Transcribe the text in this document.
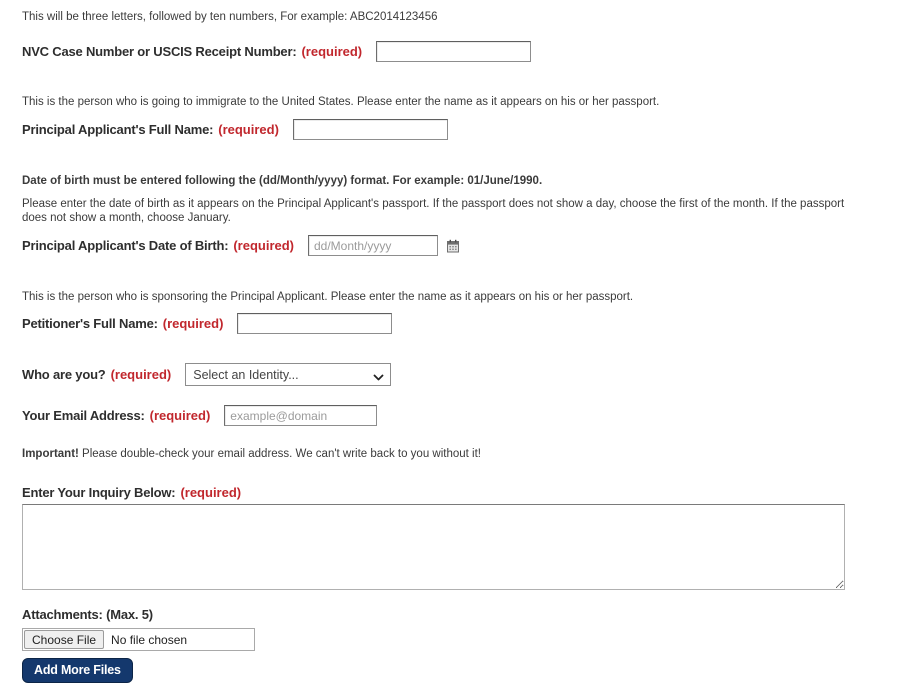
This will be three letters, followed by ten numbers, For example: ABC2014123456

NVC Case Number or USCIS Receipt Number: (required)

This is the person who is going to immigrate to the United States. Please enter the name as it appears on his or her passport.

Principal Applicant's Full Name: (required)

Date of birth must be entered following the (dd/Month/yyyy) format. For example: 01/June/1990.

Please enter the date of birth as it appears on the Principal Applicant's passport. If the passport does not show a day, choose the first of the month. If the passport does not show a month, choose January.

Principal Applicant's Date of Birth: (required)
dd/Month/yyyy

This is the person who is sponsoring the Principal Applicant. Please enter the name as it appears on his or her passport.

Petitioner's Full Name: (required)
Who are you? (required) Select an Identity...
Your Email Address: (required)
example@domain

Important! Please double-check your email address. We can't write back to you without it!

Enter Your Inquiry Below: (required)
Attachments: (Max. 5)
Choose File	No file chosen
Add More Files
